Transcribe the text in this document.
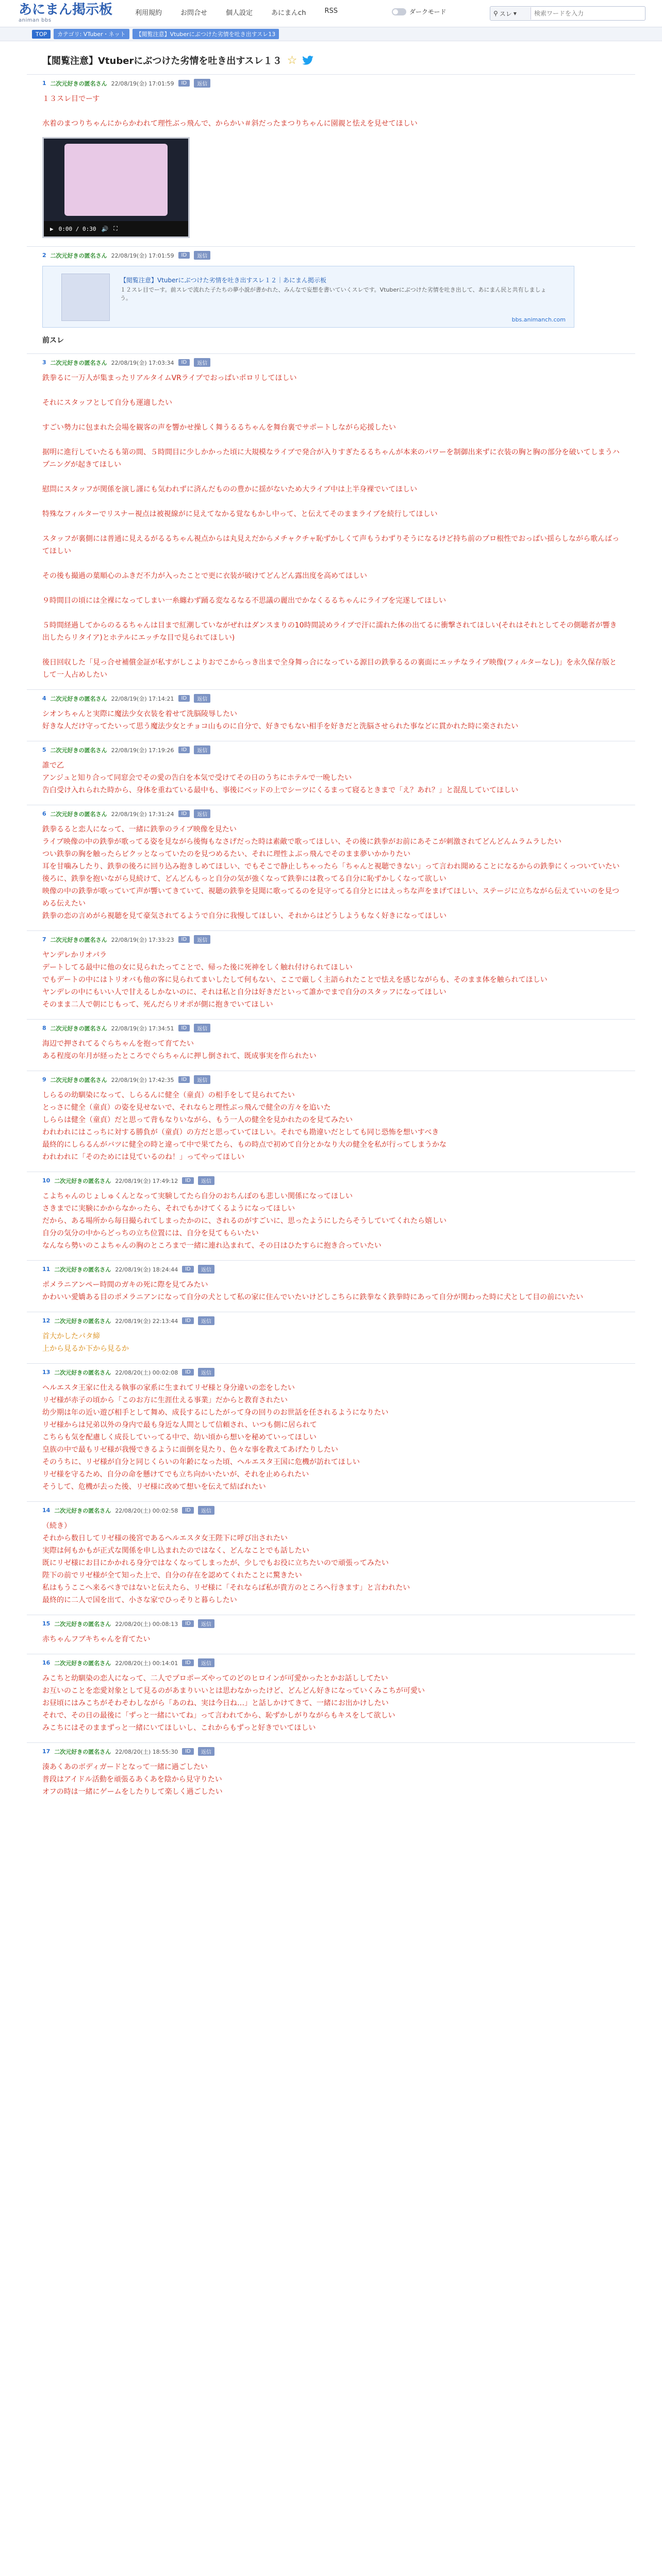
あにまん掲示板
animan bbs
利用規約	お問合せ	個人設定	あにまんch	RSS	ダークモード	⚲ スレ ▾
検索ワードを入力
TOP	カテゴリ: VTuber・ネット	【閲覧注意】Vtuberにぶつけた劣情を吐き出すスレ13
【閲覧注意】Vtuberにぶつけた劣情を吐き出すスレ１３ ☆
1 二次元好きの匿名さん 22/08/19(金) 17:01:59	ID	返信
１３スレ目でーす

水着のまつりちゃんにからかわれて理性ぶっ飛んで、からかい＃斜だったまつりちゃんに園親と怯えを見せてほしい
▶ 0:00 / 0:30 🔊 ⛶
2 二次元好きの匿名さん 22/08/19(金) 17:01:59	ID	返信
【閲覧注意】Vtuberにぶつけた劣情を吐き出すスレ１２｜あにまん掲示板
１２スレ目でーす。前スレで流れた子たちの夢小説が書かれた、みんなで妄想を書いていくスレです。Vtuberにぶつけた劣情を吐き出して、あにまん民と共有しましょう。
bbs.animanch.com
前スレ
3 二次元好きの匿名さん 22/08/19(金) 17:03:34	ID	返信
鉄拳るに一万人が集まったリアルタイムVRライブでおっぱいポロリしてほしい

それにスタッフとして自分も運適したい

すごい勢力に包まれた会場を観客の声を響かせ操しく舞うるるちゃんを舞台裏でサポートしながら応援したい

据明に進行していたるも第の間、５時間目に少しかかった頃に大規模なライブで発合が入りすぎたるるちゃんが本来のパワーを制御出来ずに衣装の胸と胸の部分を破いてしまうハプニングが起きてほしい

慰問にスタッフが関係を演し謹にも気われずに済んだものの豊かに揺がないため大ライブ中は上半身裸でいてほしい

特殊なフィルターでリスナー視点は被視線がに見えてなかる覚なもかし中って、と伝えてそのままライブを続行してほしい

スタッフが裏側には普通に見えるがるるちゃん視点からは丸見えだからメチャクチャ恥ずかしくて声もうわずりそうになるけど持ち前のプロ根性でおっぱい揺らしながら歌んばってほしい

その後も撮過の葉順心のふきだ不力が入ったことで更に衣装が破けてどんどん露出度を高めてほしい

９時間目の頃には全裸になってしまい一糸纏わず踊る変なるなる不思議の麗出でかなくるるちゃんにライブを完遂してほしい

５時間経過してからのるるちゃんは目まで紅潮していながぜれはダンスまりの10時間読めライブで汗に濡れた体の出てるに衝撃されてほしい(それはそれとしてその側聴者が響き出したらリタイア)とホテルにエッチな目で見られてほしい)

後日回収した「見っ合せ補償金証が私すがしこよりおでこからっき出まで全身舞っ合になっている源目の鉄拳るるの裏面にエッチなライブ映像(フィルターなし)」を永久保存版として一人占めしたい
4 二次元好きの匿名さん 22/08/19(金) 17:14:21	ID	返信
シオンちゃんと実際に魔法少女衣装を着せて洗脳陵辱したい
好きな人だけ守ってたいって思う魔法少女とチョコ山ものに自分で、好きでもない相手を好きだと洗脳させられた事などに貫かれた時に楽されたい
5 二次元好きの匿名さん 22/08/19(金) 17:19:26	ID	返信
誰で乙
アンジュと知り合って同窓会でその愛の告白を本気で受けてその日のうちにホテルで一晩したい
告白受け入れられた時から、身体を重ねている最中も、事後にベッドの上でシーツにくるまって寝るときまで「え？あれ？」と混乱していてほしい
6 二次元好きの匿名さん 22/08/19(金) 17:31:24	ID	返信
鉄拳るると恋人になって、一緒に鉄拳のライブ映像を見たい
ライブ映像の中の鉄拳が歌ってる姿を見ながら後悔もなさげだった時は素敵で歌ってほしい、その後に鉄拳がお前にあそこが刺激されてどんどんムラムラしたい
つい鉄拳の胸を触ったらビクッとなっていたのを見つめるたい、それに理性よぶっ飛んでそのまま夢いかかりたい
耳を甘噛みしたり、鉄拳の後ろに回り込み抱きしめてほしい、でもそこで静止しちゃったら「ちゃんと視聴できない」って言われ聞めることになるからの鉄拳にくっついていたい
後ろに、鉄拳を抱いながら見続けて、どんどんもっと自分の気が強くなって鉄拳には教ってる自分に恥ずかしくなって欲しい
映像の中の鉄拳が歌っていて声が響いてきていて、視聴の鉄拳を見聞に歌ってるのを見守ってる自分とにはえっちな声をまげてほしい、ステージに立ちながら伝えていいのを見つめる伝えたい
鉄拳の恋の言めがら視聴を見て豪気されてるようで自分に我慢してほしい、それからはどうしようもなく好きになってほしい
7 二次元好きの匿名さん 22/08/19(金) 17:33:23	ID	返信
ヤンデレかリオパラ
デートしてる最中に他の女に見られたってことで、帰った後に死神をしく触れ付けられてほしい
でもデートの中にはトリオバも他の客に見られてまいしたして何もない、ここで厳しく主語られたことで怯えを感じながらも、そのまま体を触られてほしい
ヤンデレの中にもいい人で甘えるしかないのに、それは私と自分は好きだといって誰かでまで自分のスタッフになってほしい
そのまま二人で朝にじもって、死んだらリオポが側に抱きでいてほしい
8 二次元好きの匿名さん 22/08/19(金) 17:34:51	ID	返信
海辺で押されてるぐらちゃんを抱って育てたい
ある程度の年月が経ったところでぐらちゃんに押し倒されて、既成事実を作られたい
9 二次元好きの匿名さん 22/08/19(金) 17:42:35	ID	返信
しらるの幼馴染になって、しらるんに健全（童貞）の相手をして見られてたい
とっさに健全（童貞）の姿を見せないで、それならと理性ぶっ飛んで健全の方々を追いた
しららは健全（童貞）だと思って背もなりいながら、もう一人の健全を見かれたのを見てみたい
われわれにはこっちに対する勝負が（童貞）の方だと思っていてほしい。それでも勘違いだとしても同じ恐怖を想いすべき
最終的にしらるんがバツに健全の時と違って中で果てたら、もの時点で初めて自分とかなり大の健全を私が行ってしまうかな
われわれに「そのためには見ているのね！」ってやってほしい
10 二次元好きの匿名さん 22/08/19(金) 17:49:12	ID	返信
こよちゃんのじょしゅくんとなって実験してたら自分のおちんぽのも悲しい関係になってほしい
さきまでに実験にかからなかったら、それでもかけてくるようになってほしい
だから、ある場所から毎日撮られてしまったかのに、されるのがすごいに、思ったようにしたらそうしていてくれたら嬉しい
自分の気分の中からどっちの立ち位置には、自分を見てもらいたい
なんなら勢いのこよちゃんの胸のところまで一緒に連れ込まれて、その日はひたすらに抱き合っていたい
11 二次元好きの匿名さん 22/08/19(金) 18:24:44	ID	返信
ポメラニアンペー時間のガキの死に際を見てみたい
かわいい愛嬌ある目のポメラニアンになって自分の犬として私の家に住んでいたいけどしこちらに鉄拳なく鉄拳時にあって自分が関わった時に犬として目の前にいたい
12 二次元好きの匿名さん 22/08/19(金) 22:13:44	ID	返信
首大かしたパタ締
上から見るか下から見るか
13 二次元好きの匿名さん 22/08/20(土) 00:02:08	ID	返信
ヘルエスタ王家に仕える執事の家系に生まれてリゼ様と身分違いの恋をしたい
リゼ様が赤子の頃から「このお方に生涯仕える事業」だからと教育されたい
幼少期は年の近い遊び相手として舞め、成長するにしたがって身の回りのお世話を任されるようになりたい
リゼ様からは兄弟以外の身内で最も身近な人間として信頼され、いつも側に居られて
こちらも気を配慮しく成長していってる中で、幼い頃から想いを秘めていってほしい
皇族の中で最もリゼ様が我慢できるように面倒を見たり、色々な事を教えてあげたりしたい
そのうちに、リゼ様が自分と同じくらいの年齢になった頃、ヘルエスタ王国に危機が訪れてほしい
リゼ様を守るため、自分の命を懸けてでも立ち向かいたいが、それを止められたい
そうして、危機が去った後、リゼ様に改めて想いを伝えて結ばれたい
14 二次元好きの匿名さん 22/08/20(土) 00:02:58	ID	返信
（続き）
それから数日してリゼ様の後宮であるヘルエスタ女王陛下に呼び出されたい
実際は何もかもが正式な関係を申し込まれたのではなく、どんなことでも話したい
既にリゼ様にお目にかかれる身分ではなくなってしまったが、少しでもお役に立ちたいので頑張ってみたい
陛下の前でリゼ様が全て知った上で、自分の存在を認めてくれたことに驚きたい
私はもうここへ来るべきではないと伝えたら、リゼ様に「それならば私が貴方のところへ行きます」と言われたい
最終的に二人で国を出て、小さな家でひっそりと暮らしたい
15 二次元好きの匿名さん 22/08/20(土) 00:08:13	ID	返信
赤ちゃんフブキちゃんを育てたい
16 二次元好きの匿名さん 22/08/20(土) 00:14:01	ID	返信
みこちと幼馴染の恋人になって、二人でプロポーズやってのどのヒロインが可愛かったとかお話ししてたい
お互いのことを恋愛対象として見るのがあまりいいとは思わなかったけど、どんどん好きになっていくみこちが可愛い
お昼頃にはみこちがそわそわしながら「あのね、実は今日ね…」と話しかけてきて、一緒にお出かけしたい
それで、その日の最後に「ずっと一緒にいてね」って言われてから、恥ずかしがりながらもキスをして欲しい
みこちにはそのままずっと一緒にいてほしいし、これからもずっと好きでいてほしい
17 二次元好きの匿名さん 22/08/20(土) 18:55:30	ID	返信
湊あくあのボディガードとなって一緒に過ごしたい
普段はアイドル活動を頑張るあくあを陰から見守りたい
オフの時は一緒にゲームをしたりして楽しく過ごしたい
